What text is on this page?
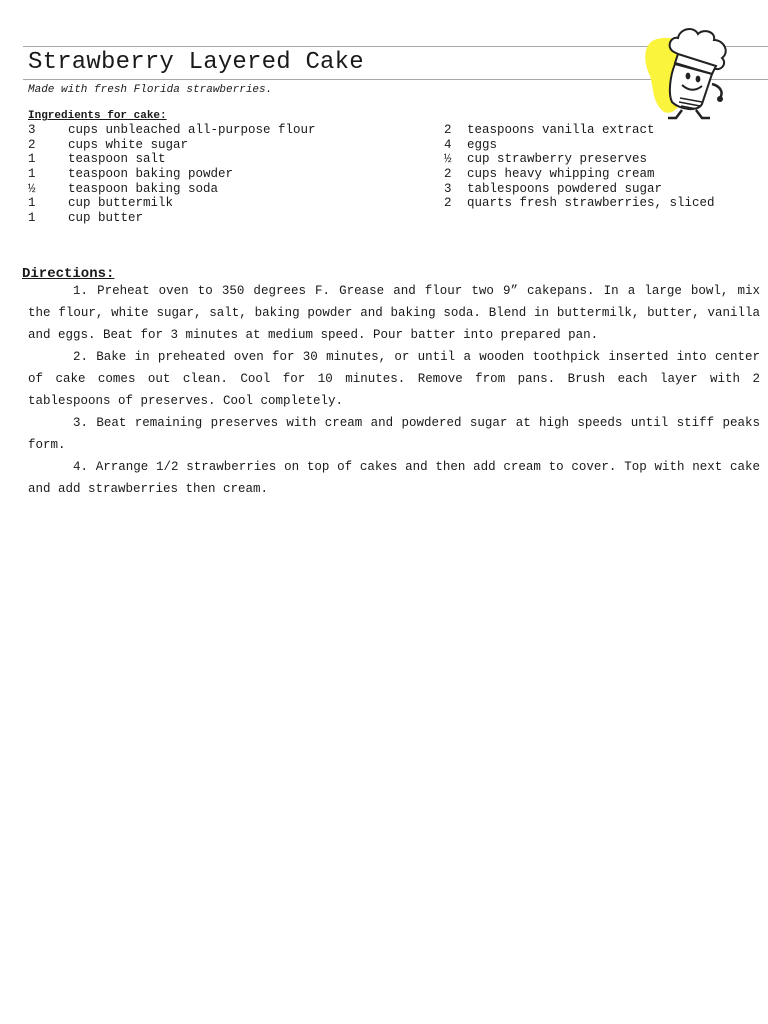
Strawberry Layered Cake
Made with fresh Florida strawberries.
Ingredients for cake:
3	cups unbleached all-purpose flour
2	cups white sugar
1	teaspoon salt
1	teaspoon baking powder
½	teaspoon baking soda
1	cup buttermilk
1	cup butter
2	teaspoons vanilla extract
4	eggs
½	cup strawberry preserves
2	cups heavy whipping cream
3	tablespoons powdered sugar
2	quarts fresh strawberries, sliced
Directions:

1. Preheat oven to 350 degrees F. Grease and flour two 9” cakepans. In a large bowl, mix the flour, white sugar, salt, baking powder and baking soda. Blend in buttermilk, butter, vanilla and eggs. Beat for 3 minutes at medium speed. Pour batter into prepared pan.

2. Bake in preheated oven for 30 minutes, or until a wooden toothpick inserted into center of cake comes out clean. Cool for 10 minutes. Remove from pans. Brush each layer with 2 tablespoons of preserves. Cool completely.

3. Beat remaining preserves with cream and powdered sugar at high speeds until stiff peaks form.

4. Arrange 1/2 strawberries on top of cakes and then add cream to cover. Top with next cake and add strawberries then cream.
